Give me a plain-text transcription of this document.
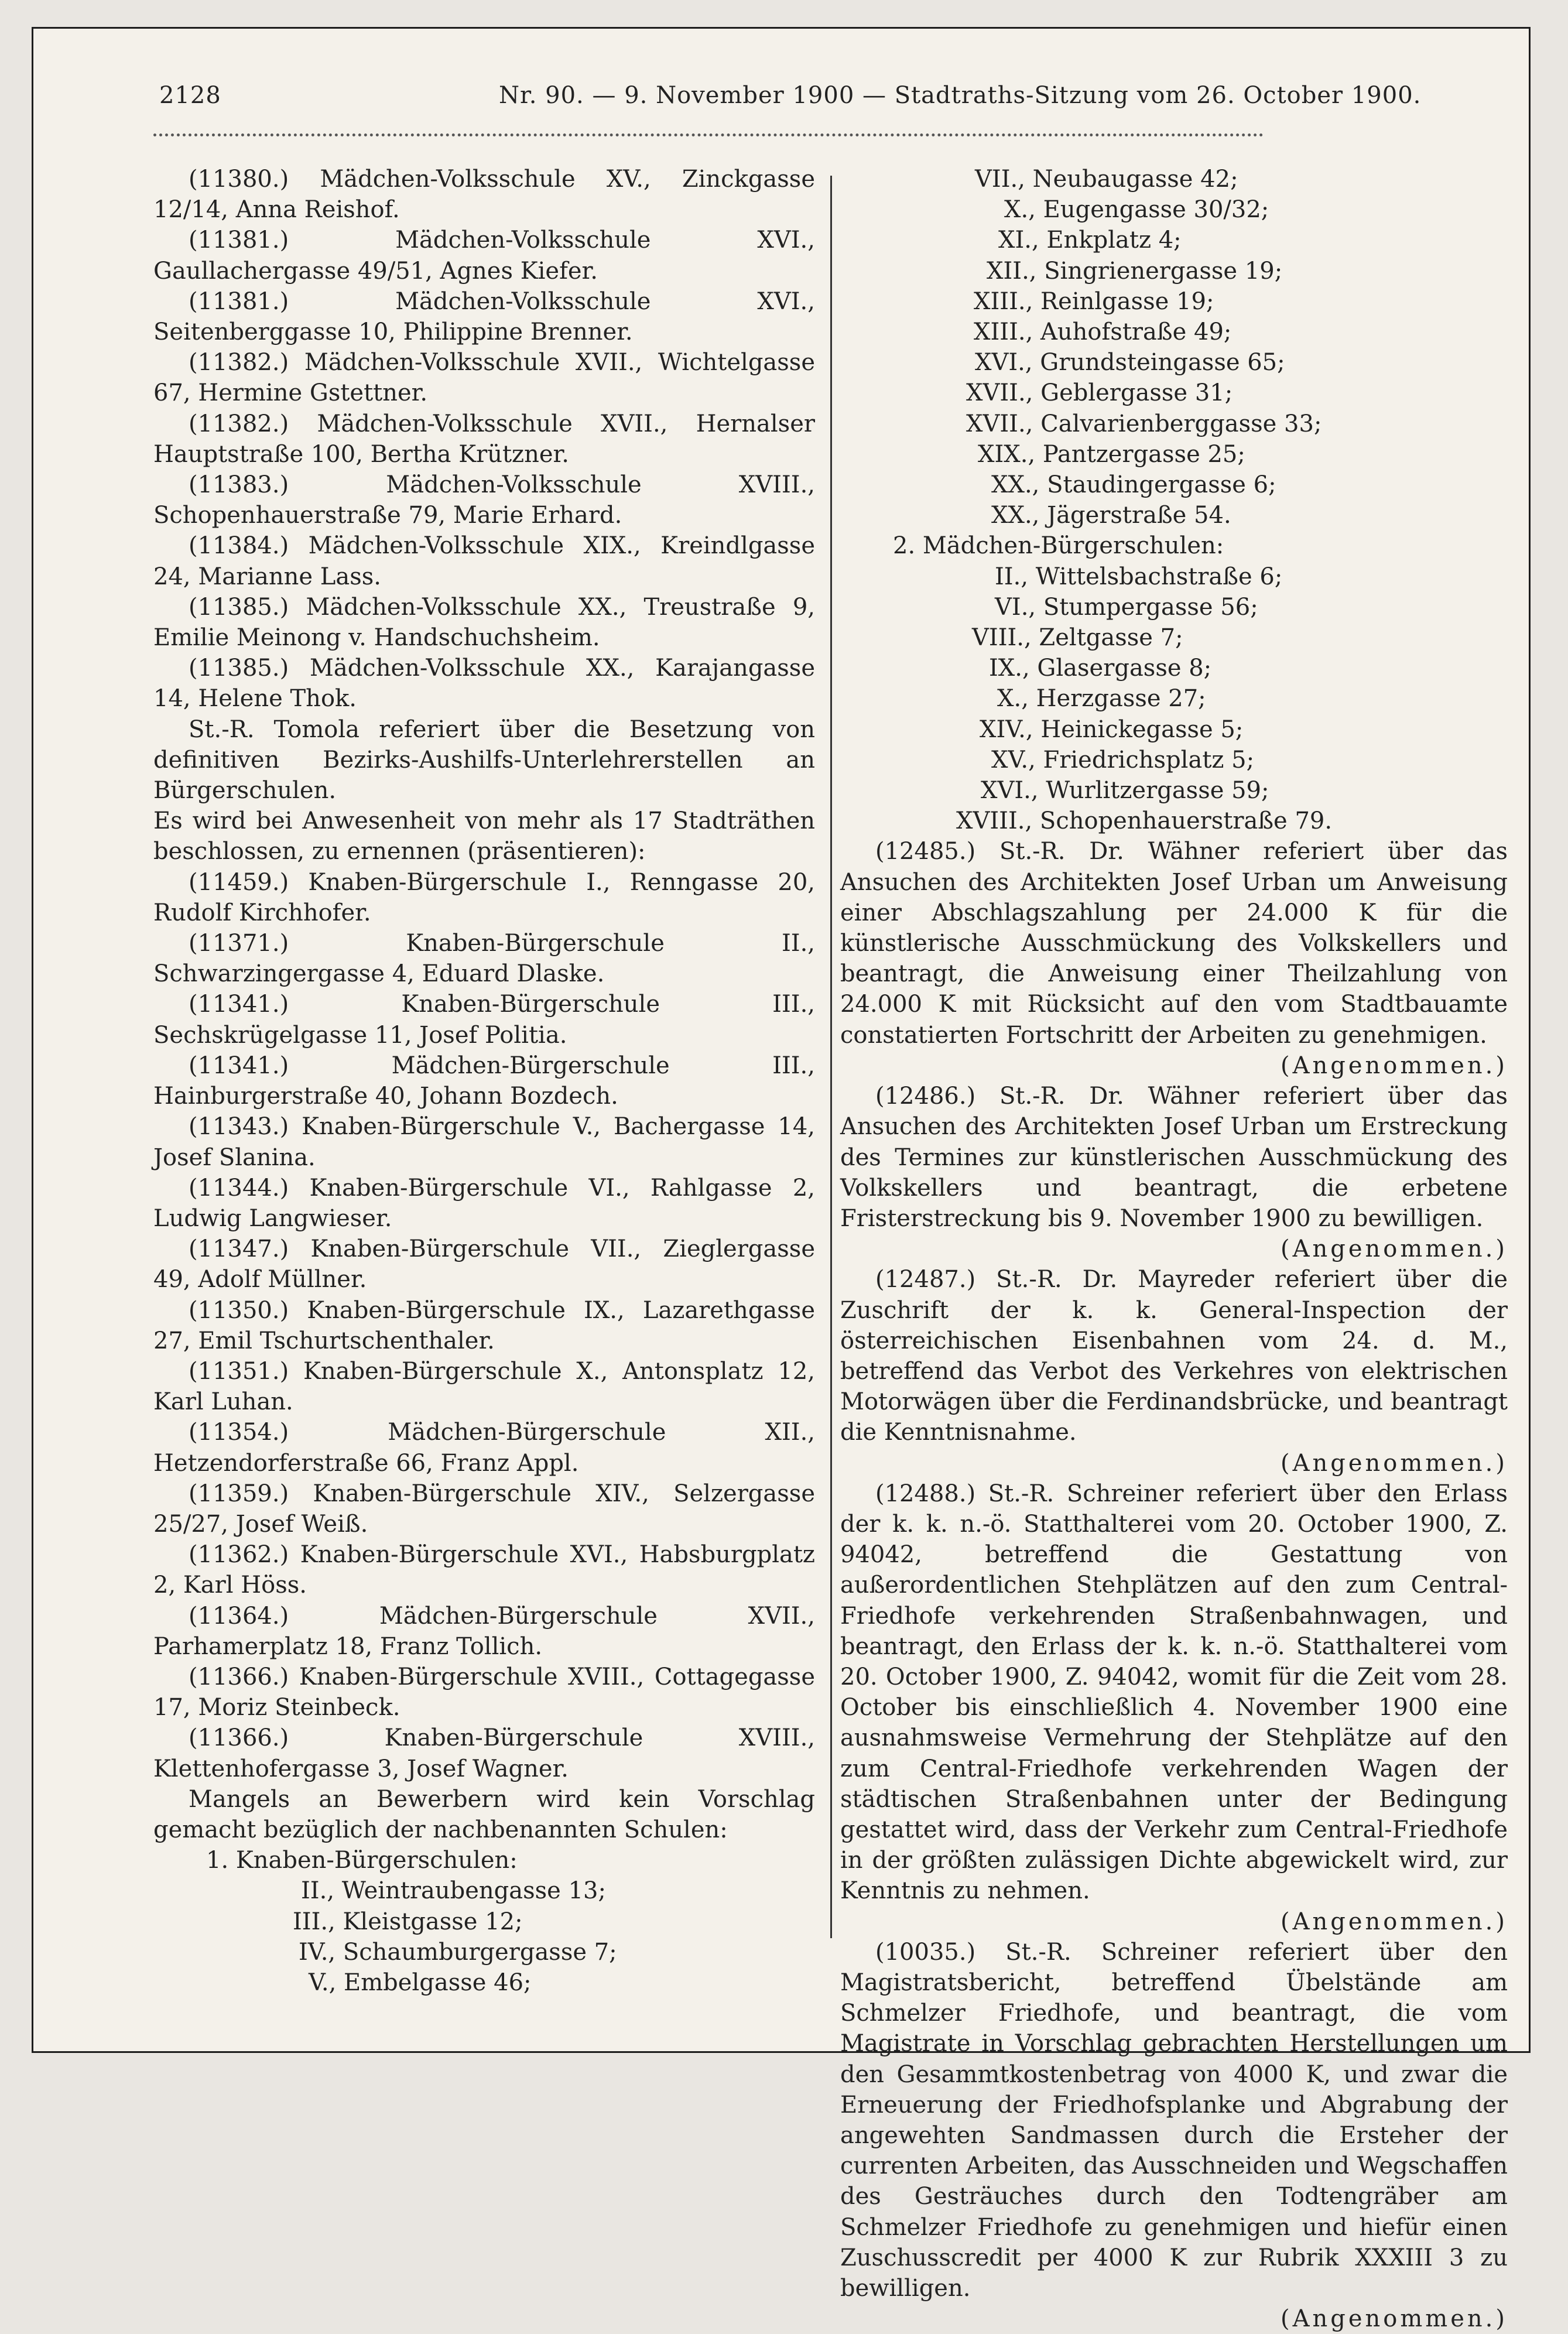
2128	Nr. 90. — 9. November 1900 — Stadtraths-Sitzung vom 26. October 1900.

(11380.) Mädchen-Volksschule XV., Zinckgasse 12/14, Anna Reishof.

(11381.) Mädchen-Volksschule XVI., Gaullachergasse 49/51, Agnes Kiefer.

(11381.) Mädchen-Volksschule XVI., Seitenberggasse 10, Philippine Brenner.

(11382.) Mädchen-Volksschule XVII., Wichtelgasse 67, Hermine Gstettner.

(11382.) Mädchen-Volksschule XVII., Hernalser Hauptstraße 100, Bertha Krützner.

(11383.) Mädchen-Volksschule XVIII., Schopenhauerstraße 79, Marie Erhard.

(11384.) Mädchen-Volksschule XIX., Kreindlgasse 24, Marianne Lass.

(11385.) Mädchen-Volksschule XX., Treustraße 9, Emilie Meinong v. Handschuchsheim.

(11385.) Mädchen-Volksschule XX., Karajangasse 14, Helene Thok.

St.-R. Tomola referiert über die Besetzung von definitiven Bezirks-Aushilfs-Unterlehrerstellen an Bürgerschulen.

Es wird bei Anwesenheit von mehr als 17 Stadträthen beschlossen, zu ernennen (präsentieren):

(11459.) Knaben-Bürgerschule I., Renngasse 20, Rudolf Kirchhofer.

(11371.) Knaben-Bürgerschule II., Schwarzingergasse 4, Eduard Dlaske.

(11341.) Knaben-Bürgerschule III., Sechskrügelgasse 11, Josef Politia.

(11341.) Mädchen-Bürgerschule III., Hainburgerstraße 40, Johann Bozdech.

(11343.) Knaben-Bürgerschule V., Bachergasse 14, Josef Slanina.

(11344.) Knaben-Bürgerschule VI., Rahlgasse 2, Ludwig Langwieser.

(11347.) Knaben-Bürgerschule VII., Zieglergasse 49, Adolf Müllner.

(11350.) Knaben-Bürgerschule IX., Lazarethgasse 27, Emil Tschurtschenthaler.

(11351.) Knaben-Bürgerschule X., Antonsplatz 12, Karl Luhan.

(11354.) Mädchen-Bürgerschule XII., Hetzendorferstraße 66, Franz Appl.

(11359.) Knaben-Bürgerschule XIV., Selzergasse 25/27, Josef Weiß.

(11362.) Knaben-Bürgerschule XVI., Habsburgplatz 2, Karl Höss.

(11364.) Mädchen-Bürgerschule XVII., Parhamerplatz 18, Franz Tollich.

(11366.) Knaben-Bürgerschule XVIII., Cottagegasse 17, Moriz Steinbeck.

(11366.) Knaben-Bürgerschule XVIII., Klettenhofergasse 3, Josef Wagner.

Mangels an Bewerbern wird kein Vorschlag gemacht bezüglich der nachbenannten Schulen:

1. Knaben-Bürgerschulen:

II., Weintraubengasse 13;

III., Kleistgasse 12;

IV., Schaumburgergasse 7;

V., Embelgasse 46;

VII., Neubaugasse 42;

X., Eugengasse 30/32;

XI., Enkplatz 4;

XII., Singrienergasse 19;

XIII., Reinlgasse 19;

XIII., Auhofstraße 49;

XVI., Grundsteingasse 65;

XVII., Geblergasse 31;

XVII., Calvarienberggasse 33;

XIX., Pantzergasse 25;

XX., Staudingergasse 6;

XX., Jägerstraße 54.

2. Mädchen-Bürgerschulen:

II., Wittelsbachstraße 6;

VI., Stumpergasse 56;

VIII., Zeltgasse 7;

IX., Glasergasse 8;

X., Herzgasse 27;

XIV., Heinickegasse 5;

XV., Friedrichsplatz 5;

XVI., Wurlitzergasse 59;

XVIII., Schopenhauerstraße 79.

(12485.) St.-R. Dr. Wähner referiert über das Ansuchen des Architekten Josef Urban um Anweisung einer Abschlagszahlung per 24.000 K für die künstlerische Ausschmückung des Volkskellers und beantragt, die Anweisung einer Theilzahlung von 24.000 K mit Rücksicht auf den vom Stadtbauamte constatierten Fortschritt der Arbeiten zu genehmigen.

(Angenommen.)

(12486.) St.-R. Dr. Wähner referiert über das Ansuchen des Architekten Josef Urban um Erstreckung des Termines zur künstlerischen Ausschmückung des Volkskellers und beantragt, die erbetene Fristerstreckung bis 9. November 1900 zu bewilligen.

(Angenommen.)

(12487.) St.-R. Dr. Mayreder referiert über die Zuschrift der k. k. General-Inspection der österreichischen Eisenbahnen vom 24. d. M., betreffend das Verbot des Verkehres von elektrischen Motorwägen über die Ferdinandsbrücke, und beantragt die Kenntnisnahme.

(Angenommen.)

(12488.) St.-R. Schreiner referiert über den Erlass der k. k. n.-ö. Statthalterei vom 20. October 1900, Z. 94042, betreffend die Gestattung von außerordentlichen Stehplätzen auf den zum Central-Friedhofe verkehrenden Straßenbahnwagen, und beantragt, den Erlass der k. k. n.-ö. Statthalterei vom 20. October 1900, Z. 94042, womit für die Zeit vom 28. October bis einschließlich 4. November 1900 eine ausnahmsweise Vermehrung der Stehplätze auf den zum Central-Friedhofe verkehrenden Wagen der städtischen Straßenbahnen unter der Bedingung gestattet wird, dass der Verkehr zum Central-Friedhofe in der größten zulässigen Dichte abgewickelt wird, zur Kenntnis zu nehmen.

(Angenommen.)

(10035.) St.-R. Schreiner referiert über den Magistratsbericht, betreffend Übelstände am Schmelzer Friedhofe, und beantragt, die vom Magistrate in Vorschlag gebrachten Herstellungen um den Gesammtkostenbetrag von 4000 K, und zwar die Erneuerung der Friedhofsplanke und Abgrabung der angewehten Sandmassen durch die Ersteher der currenten Arbeiten, das Ausschneiden und Wegschaffen des Gesträuches durch den Todtengräber am Schmelzer Friedhofe zu genehmigen und hiefür einen Zuschusscredit per 4000 K zur Rubrik XXXIII 3 zu bewilligen.

(Angenommen.)
